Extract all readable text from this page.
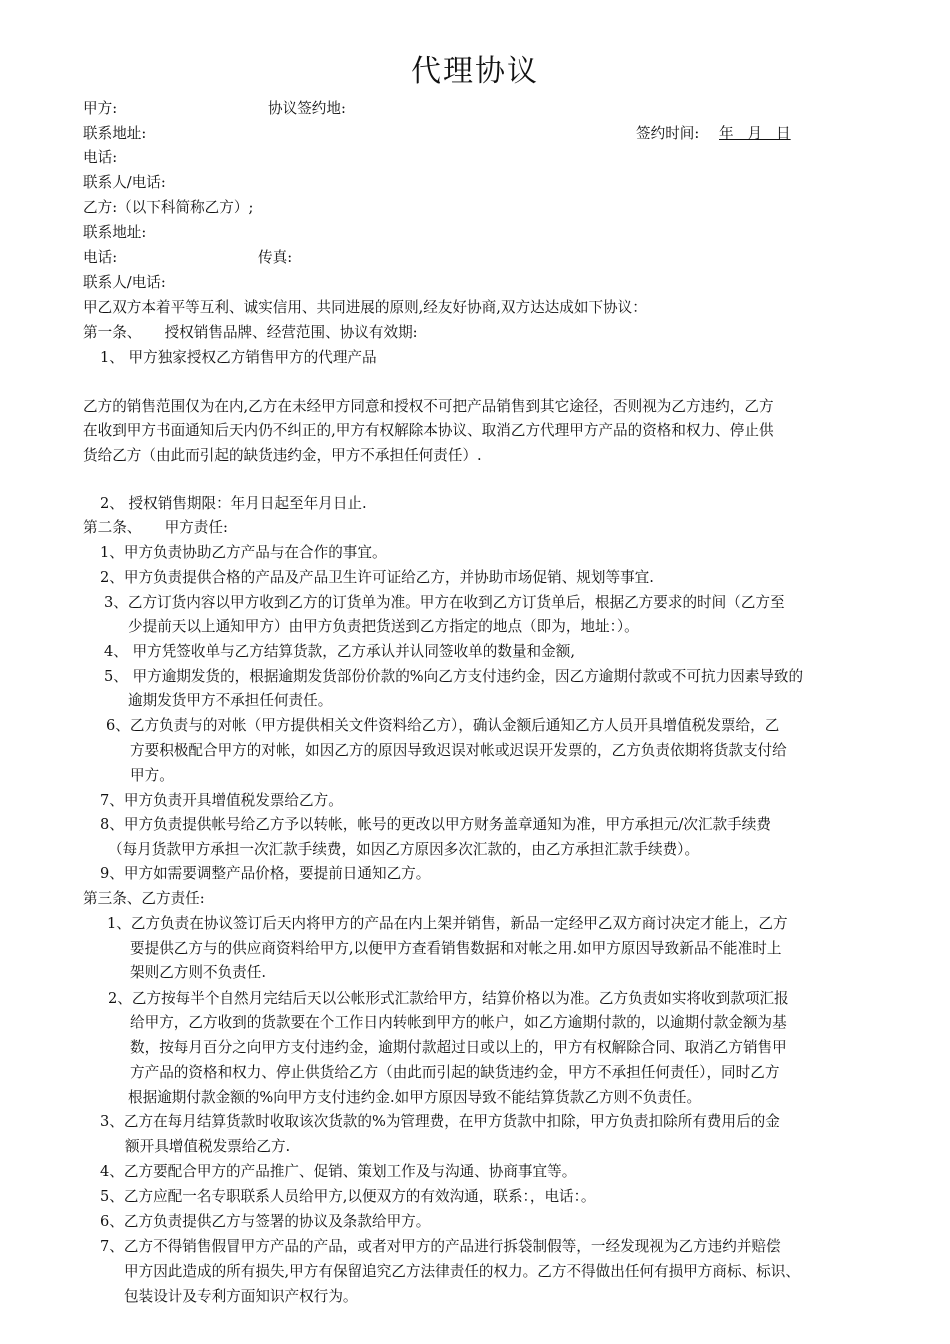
代理协议
甲方:	协议签约地:
联系地址:	签约时间: 年   月   日
电话:
联系人/电话:
乙方:（以下科简称乙方）;
联系地址:
电话:	传真:
联系人/电话:
甲乙双方本着平等互利、诚实信用、共同进展的原则,经友好协商,双方达达成如下协议：
第一条、     授权销售品牌、经营范围、协议有效期:
1、 甲方独家授权乙方销售甲方的代理产品
乙方的销售范围仅为在内,乙方在未经甲方同意和授权不可把产品销售到其它途径，否则视为乙方违约，乙方
在收到甲方书面通知后天内仍不纠正的,甲方有权解除本协议、取消乙方代理甲方产品的资格和权力、停止供
货给乙方（由此而引起的缺货违约金，甲方不承担任何责任）.
2、 授权销售期限：年月日起至年月日止.
第二条、     甲方责任:
1、甲方负责协助乙方产品与在合作的事宜。
2、甲方负责提供合格的产品及产品卫生许可证给乙方，并协助市场促销、规划等事宜.
3、乙方订货内容以甲方收到乙方的订货单为准。甲方在收到乙方订货单后，根据乙方要求的时间（乙方至
少提前天以上通知甲方）由甲方负责把货送到乙方指定的地点（即为，地址：）。
4、 甲方凭签收单与乙方结算货款，乙方承认并认同签收单的数量和金额,
5、 甲方逾期发货的，根据逾期发货部份价款的%向乙方支付违约金，因乙方逾期付款或不可抗力因素导致的
逾期发货甲方不承担任何责任。
6、乙方负责与的对帐（甲方提供相关文件资料给乙方），确认金额后通知乙方人员开具增值税发票给，乙
方要积极配合甲方的对帐，如因乙方的原因导致迟误对帐或迟误开发票的，乙方负责依期将货款支付给
甲方。
7、甲方负责开具增值税发票给乙方。
8、甲方负责提供帐号给乙方予以转帐，帐号的更改以甲方财务盖章通知为准，甲方承担元/次汇款手续费
（每月货款甲方承担一次汇款手续费，如因乙方原因多次汇款的，由乙方承担汇款手续费）。
9、甲方如需要调整产品价格，要提前日通知乙方。
第三条、乙方责任:
1、乙方负责在协议签订后天内将甲方的产品在内上架并销售，新品一定经甲乙双方商讨决定才能上，乙方
要提供乙方与的供应商资料给甲方,以便甲方查看销售数据和对帐之用.如甲方原因导致新品不能准时上
架则乙方则不负责任.
2、乙方按每半个自然月完结后天以公帐形式汇款给甲方，结算价格以为准。乙方负责如实将收到款项汇报
给甲方，乙方收到的货款要在个工作日内转帐到甲方的帐户，如乙方逾期付款的，以逾期付款金额为基
数，按每月百分之向甲方支付违约金，逾期付款超过日或以上的，甲方有权解除合同、取消乙方销售甲
方产品的资格和权力、停止供货给乙方（由此而引起的缺货违约金，甲方不承担任何责任），同时乙方
根据逾期付款金额的%向甲方支付违约金.如甲方原因导致不能结算货款乙方则不负责任。
3、乙方在每月结算货款时收取该次货款的%为管理费，在甲方货款中扣除，甲方负责扣除所有费用后的金
额开具增值税发票给乙方.
4、乙方要配合甲方的产品推广、促销、策划工作及与沟通、协商事宜等。
5、乙方应配一名专职联系人员给甲方,以便双方的有效沟通，联系：，电话：。
6、乙方负责提供乙方与签署的协议及条款给甲方。
7、乙方不得销售假冒甲方产品的产品，或者对甲方的产品进行拆袋制假等，一经发现视为乙方违约并赔偿
甲方因此造成的所有损失,甲方有保留追究乙方法律责任的权力。乙方不得做出任何有损甲方商标、标识、
包装设计及专利方面知识产权行为。
